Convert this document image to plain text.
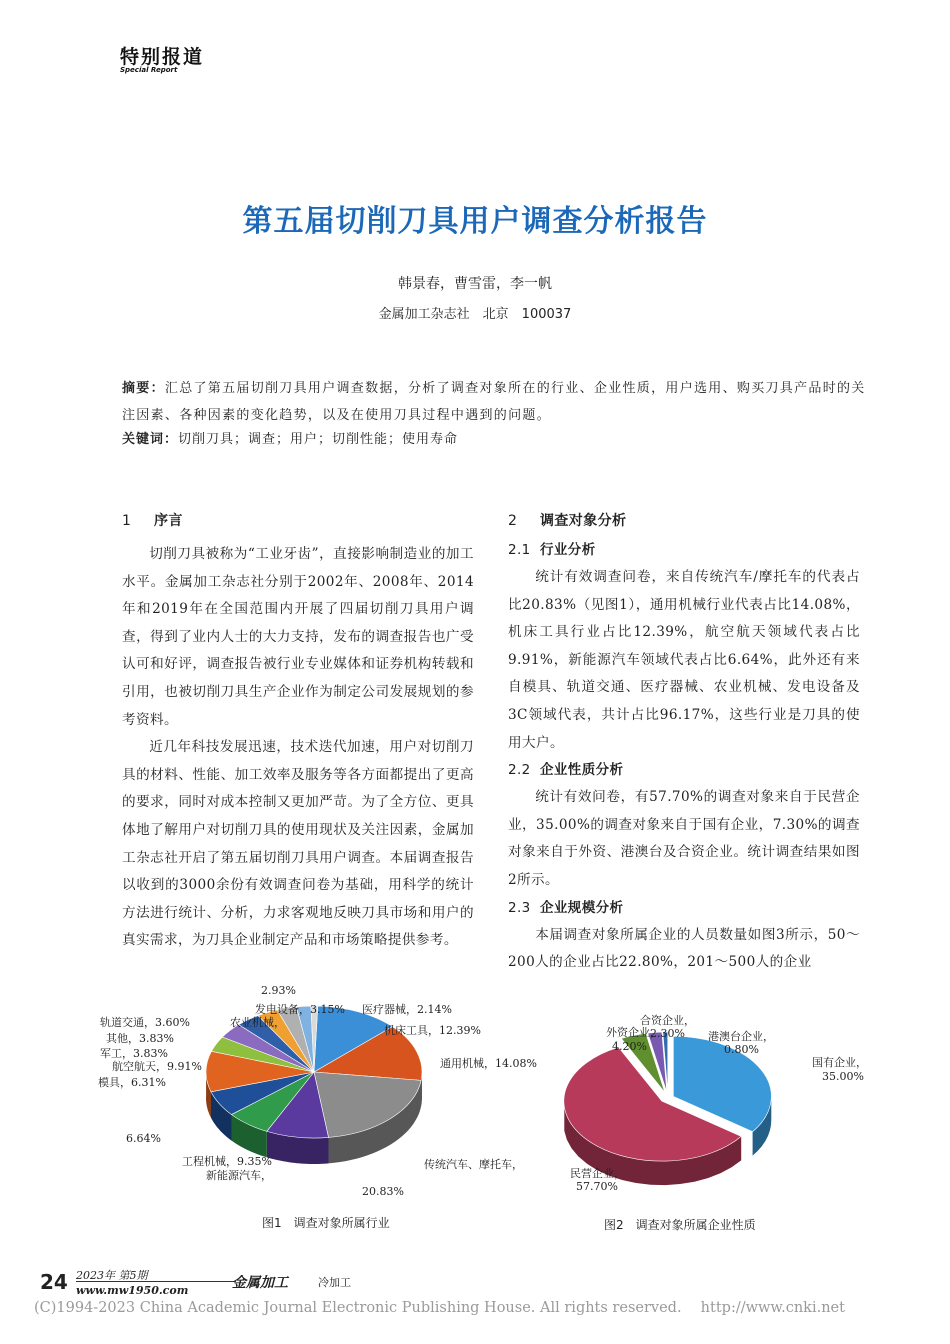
特别报道
Special Report
第五届切削刀具用户调查分析报告
韩景春，曹雪雷，李一帆
金属加工杂志社　北京　100037
摘要：汇总了第五届切削刀具用户调查数据，分析了调查对象所在的行业、企业性质，用户选用、购买刀具产品时的关注因素、各种因素的变化趋势，以及在使用刀具过程中遇到的问题。
关键词：切削刀具；调查；用户；切削性能；使用寿命
1 序言

切削刀具被称为“工业牙齿”，直接影响制造业的加工水平。金属加工杂志社分别于2002年、2008年、2014年和2019年在全国范围内开展了四届切削刀具用户调查，得到了业内人士的大力支持，发布的调查报告也广受认可和好评，调查报告被行业专业媒体和证券机构转载和引用，也被切削刀具生产企业作为制定公司发展规划的参考资料。

近几年科技发展迅速，技术迭代加速，用户对切削刀具的材料、性能、加工效率及服务等各方面都提出了更高的要求，同时对成本控制又更加严苛。为了全方位、更具体地了解用户对切削刀具的使用现状及关注因素，金属加工杂志社开启了第五届切削刀具用户调查。本届调查报告以收到的3000余份有效调查问卷为基础，用科学的统计方法进行统计、分析，力求客观地反映刀具市场和用户的真实需求，为刀具企业制定产品和市场策略提供参考。

2 调查对象分析
2.1 行业分析

统计有效调查问卷，来自传统汽车/摩托车的代表占比20.83%（见图1），通用机械行业代表占比14.08%，机床工具行业占比12.39%，航空航天领域代表占比9.91%，新能源汽车领域代表占比6.64%，此外还有来自模具、轨道交通、医疗器械、农业机械、发电设备及3C领域代表，共计占比96.17%，这些行业是刀具的使用大户。

2.2 企业性质分析

统计有效问卷，有57.70%的调查对象来自于民营企业，35.00%的调查对象来自于国有企业，7.30%的调查对象来自于外资、港澳台及合资企业。统计调查结果如图2所示。

2.3 企业规模分析

本届调查对象所属企业的人员数量如图3所示，50～200人的企业占比22.80%，201～500人的企业

机床工具，12.39%
通用机械，14.08%
传统汽车、摩托车，
20.83%
工程机械，9.35%
新能源汽车，
6.64%
模具，6.31%
航空航天，9.91%
军工，3.83%
其他，3.83%
轨道交通，3.60%
发电设备，3.15%
农业机械，
2.93%
医疗器械，2.14%
图1　调查对象所属行业
国有企业，
35.00%
民营企业，
57.70%
外资企业，
4.20%
合资企业，
2.30% 港澳台企业，
0.80%
图2　调查对象所属企业性质
24 2023年 第5期
www.mw1950.com	金属加工	冷加工
(C)1994-2023 China Academic Journal Electronic Publishing House. All rights reserved.　 http://www.cnki.net
